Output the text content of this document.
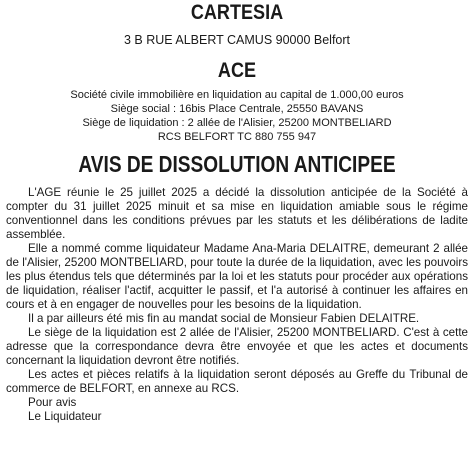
CARTESIA
3 B RUE ALBERT CAMUS 90000 Belfort
ACE
Société civile immobilière en liquidation au capital de 1.000,00 euros
Siège social : 16bis Place Centrale, 25550 BAVANS
Siège de liquidation : 2 allée de l'Alisier, 25200 MONTBELIARD
RCS BELFORT TC 880 755 947
AVIS DE DISSOLUTION ANTICIPEE

L'AGE réunie le 25 juillet 2025 a décidé la dissolution anticipée de la Société à compter du 31 juillet 2025 minuit et sa mise en liquidation amiable sous le régime conventionnel dans les conditions prévues par les statuts et les délibérations de ladite assemblée.

Elle a nommé comme liquidateur Madame Ana-Maria DELAITRE, demeurant 2 allée de l'Alisier, 25200 MONTBELIARD, pour toute la durée de la liquidation, avec les pouvoirs les plus étendus tels que déterminés par la loi et les statuts pour procéder aux opérations de liquidation, réaliser l'actif, acquitter le passif, et l'a autorisé à continuer les affaires en cours et à en engager de nouvelles pour les besoins de la liquidation.

Il a par ailleurs été mis fin au mandat social de Monsieur Fabien DELAITRE.

Le siège de la liquidation est 2 allée de l'Alisier, 25200 MONTBELIARD. C'est à cette adresse que la correspondance devra être envoyée et que les actes et documents concernant la liquidation devront être notifiés.

Les actes et pièces relatifs à la liquidation seront déposés au Greffe du Tribunal de commerce de BELFORT, en annexe au RCS.

Pour avis
Le Liquidateur
